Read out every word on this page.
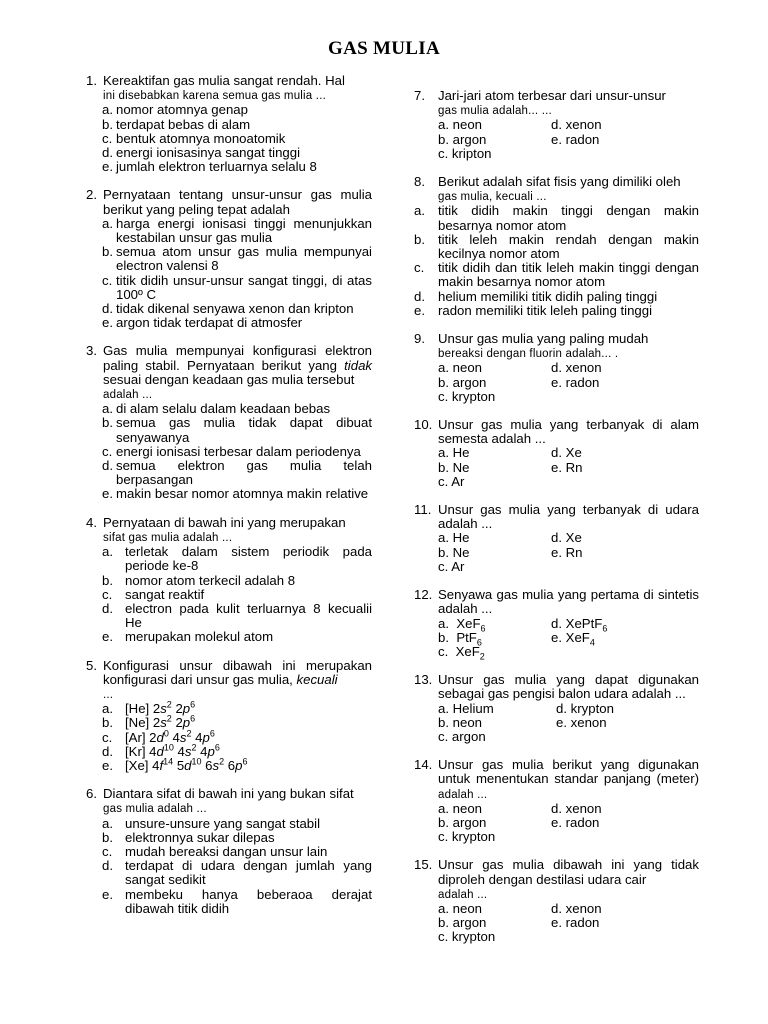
GAS MULIA
1. Kereaktifan gas mulia sangat rendah. Hal
ini disebabkan karena semua gas mulia ...
a. nomor atomnya genap
b. terdapat bebas di alam
c. bentuk atomnya monoatomik
d. energi ionisasinya sangat tinggi
e. jumlah elektron terluarnya selalu 8
2. Pernyataan tentang unsur-unsur gas mulia berikut yang peling tepat adalah
a. harga energi ionisasi tinggi menunjukkan kestabilan unsur gas mulia
b. semua atom unsur gas mulia mempunyai electron valensi 8
c. titik didih unsur-unsur sangat tinggi, di atas 100º C
d. tidak dikenal senyawa xenon dan kripton
e. argon tidak terdapat di atmosfer
3. Gas mulia mempunyai konfigurasi elektron paling stabil. Pernyataan berikut yang tidak sesuai dengan keadaan gas mulia tersebut
adalah ...
a. di alam selalu dalam keadaan bebas
b. semua gas mulia tidak dapat dibuat senyawanya
c. energi ionisasi terbesar dalam periodenya
d. semua elektron gas mulia telah berpasangan
e. makin besar nomor atomnya makin relative
4. Pernyataan di bawah ini yang merupakan
sifat gas mulia adalah ...
a. terletak dalam sistem periodik pada periode ke-8
b. nomor atom terkecil adalah 8
c. sangat reaktif
d. electron pada kulit terluarnya 8 kecualii He
e. merupakan molekul atom
5. Konfigurasi unsur dibawah ini merupakan konfigurasi dari unsur gas mulia, kecuali
...
a. [He] $2s^2$ $2p^6$
b. [Ne] $2s^2$ $2p^6$
c. [Ar] $2d^0$ $4s^2$ $4p^6$
d. [Kr] $4d^{10}$ $4s^2$ $4p^6$
e. [Xe] $4f^{14}$ $5d^{10}$ $6s^2$ $6p^6$
6. Diantara sifat di bawah ini yang bukan sifat
gas mulia adalah ...
a. unsure-unsure yang sangat stabil
b. elektronnya sukar dilepas
c. mudah bereaksi dangan unsur lain
d. terdapat di udara dengan jumlah yang sangat sedikit
e. membeku hanya beberaoa derajat dibawah titik didih
7. Jari-jari atom terbesar dari unsur-unsur
gas mulia adalah... ...
a. neon	d. xenon
b. argon	e. radon
c. kripton
8. Berikut adalah sifat fisis yang dimiliki oleh
gas mulia, kecuali ...
a. titik didih makin tinggi dengan makin besarnya nomor atom
b. titik leleh makin rendah dengan makin kecilnya nomor atom
c. titik didih dan titik leleh makin tinggi dengan makin besarnya nomor atom
d. helium memiliki titik didih paling tinggi
e. radon memiliki titik leleh paling tinggi
9. Unsur gas mulia yang paling mudah
bereaksi dengan fluorin adalah... .
a. neon	d. xenon
b. argon	e. radon
c. krypton
10. Unsur gas mulia yang terbanyak di alam semesta adalah ...
a. He	d. Xe
b. Ne	e. Rn
c. Ar
11. Unsur gas mulia yang terbanyak di udara adalah ...
a. He	d. Xe
b. Ne	e. Rn
c. Ar
12. Senyawa gas mulia yang pertama di sintetis adalah ...
a.  XeF$_6$	d. XePtF$_6$
b.  PtF$_6$	e. XeF$_4$
c.  XeF$_2$
13. Unsur gas mulia yang dapat digunakan sebagai gas pengisi balon udara adalah ...
a. Helium	d. krypton
b. neon	e. xenon
c. argon
14. Unsur gas mulia berikut yang digunakan untuk menentukan standar panjang (meter) adalah ...
a. neon	d. xenon
b. argon	e. radon
c. krypton
15. Unsur gas mulia dibawah ini yang tidak diproleh dengan destilasi udara cair
adalah ...
a. neon	d. xenon
b. argon	e. radon
c. krypton
